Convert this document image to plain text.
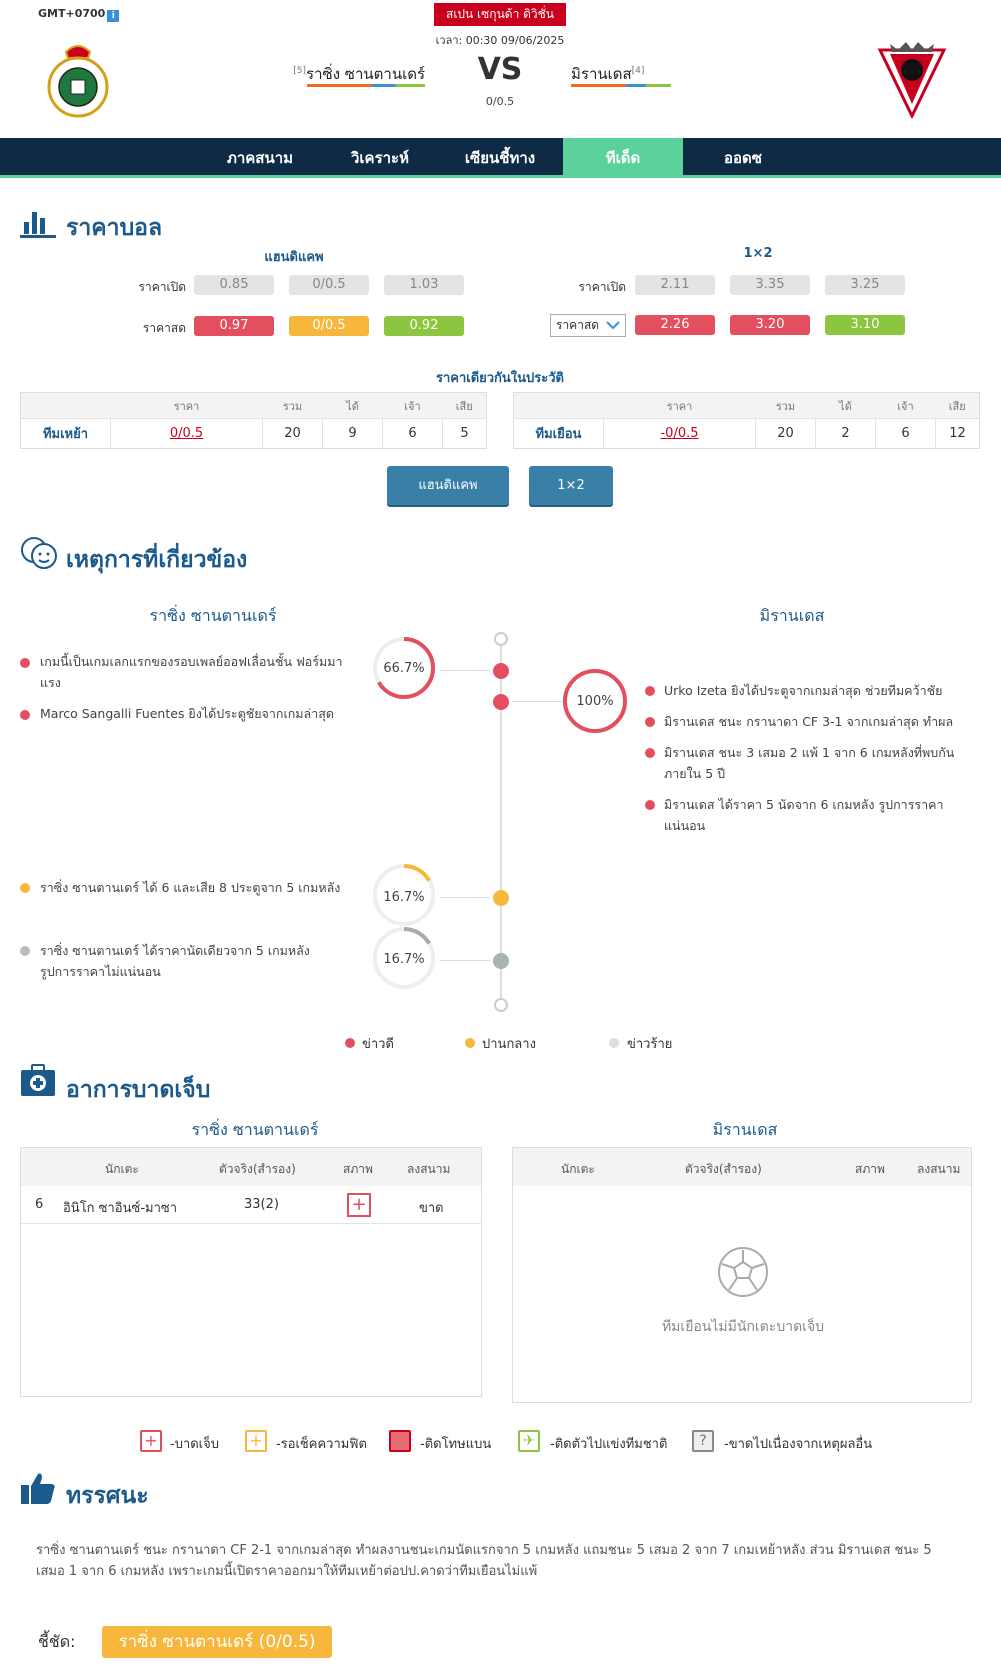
GMT+0700 i	สเปน เซกุนด้า ดิวิชั่น
เวลา: 00:30 09/06/2025
[5]ราซิ่ง ซานตานเดร์ VS
0/0.5
มิรานเดส[4]
ภาคสนาม	วิเคราะห์	เซียนชี้ทาง	ทีเด็ด	ออดซ
ราคาบอล
แฮนดิแคพ	1×2
ราคาเปิด	0.85	0/0.5	1.03
ราคาสด	0.97	0/0.5	0.92
ราคาเปิด	2.11	3.35	3.25
ราคาสด	2.26	3.20	3.10
ราคาเดียวกันในประวัติ
	ราคา	รวม	ได้	เจ้า	เสีย
ทีมเหย้า	0/0.5	20	9	6	5
	ราคา	รวม	ได้	เจ้า	เสีย
ทีมเยือน	-0/0.5	20	2	6	12
แฮนดิแคพ	1×2
เหตุการที่เกี่ยวข้อง
ราซิ่ง ซานตานเดร์	มิรานเดส
เกมนี้เป็นเกมเลกแรกของรอบเพลย์ออฟเลื่อนชั้น ฟอร์มมาแรง
Marco Sangalli Fuentes ยิงได้ประตูชัยจากเกมล่าสุด
66.7%
100%
Urko Izeta ยิงได้ประตูจากเกมล่าสุด ช่วยทีมคว้าชัย
มิรานเดส ชนะ กรานาดา CF 3-1 จากเกมล่าสุด ทำผล
มิรานเดส ชนะ 3 เสมอ 2 แพ้ 1 จาก 6 เกมหลังที่พบกันภายใน 5 ปี
มิรานเดส ได้ราคา 5 นัดจาก 6 เกมหลัง รูปการราคาแน่นอน
ราซิ่ง ซานตานเดร์ ได้ 6 และเสีย 8 ประตูจาก 5 เกมหลัง
16.7%
ราซิ่ง ซานตานเดร์ ได้ราคานัดเดียวจาก 5 เกมหลัง รูปการราคาไม่แน่นอน
16.7%
ข่าวดี	ปานกลาง	ข่าวร้าย
อาการบาดเจ็บ
ราซิ่ง ซานตานเดร์	มิรานเดส
นักเตะ	ตัวจริง(สำรอง)	สภาพ	ลงสนาม
6 อินิโก ซาอินซ์-มาซา	33(2)	+	ขาด
นักเตะ	ตัวจริง(สำรอง)	สภาพ	ลงสนาม
ทีมเยือนไม่มีนักเตะบาดเจ็บ
+ -บาดเจ็บ +	-รอเช็คความฟิต	-ติดโทษแบน	✈	-ติดตัวไปแข่งทีมชาติ	?	-ขาดไปเนื่องจากเหตุผลอื่น
ทรรศนะ
ราซิ่ง ซานตานเดร์ ชนะ กรานาดา CF 2-1 จากเกมล่าสุด ทำผลงานชนะเกมนัดแรกจาก 5 เกมหลัง แถมชนะ 5 เสมอ 2 จาก 7 เกมเหย้าหลัง ส่วน มิรานเดส ชนะ 5 เสมอ 1 จาก 6 เกมหลัง เพราะเกมนี้เปิดราคาออกมาให้ทีมเหย้าต่อปป.คาดว่าทีมเยือนไม่แพ้
ชี้ชัด:	ราซิ่ง ซานตานเดร์ (0/0.5)
